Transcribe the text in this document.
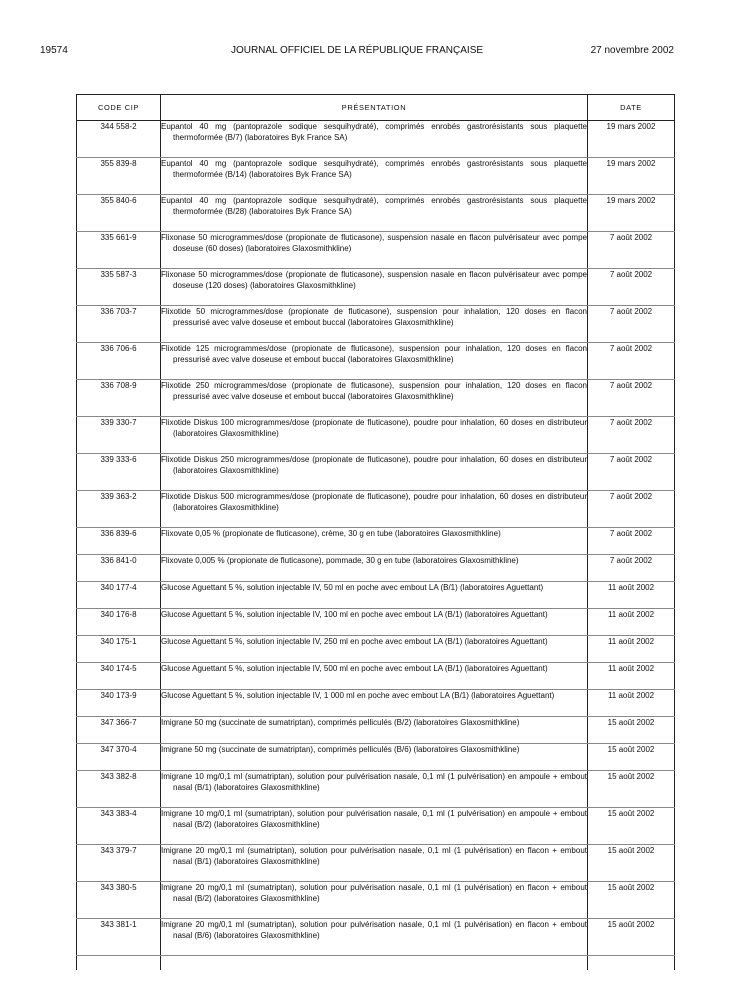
19574	JOURNAL OFFICIEL DE LA RÉPUBLIQUE FRANÇAISE	27 novembre 2002
CODE CIP	PRÉSENTATION	DATE
344 558-2	Eupantol 40 mg (pantoprazole sodique sesquihydraté), comprimés enrobés gastrorésistants sous plaquette thermoformée (B/7) (laboratoires Byk France SA)	19 mars 2002
355 839-8	Eupantol 40 mg (pantoprazole sodique sesquihydraté), comprimés enrobés gastrorésistants sous plaquette thermoformée (B/14) (laboratoires Byk France SA)	19 mars 2002
355 840-6	Eupantol 40 mg (pantoprazole sodique sesquihydraté), comprimés enrobés gastrorésistants sous plaquette thermoformée (B/28) (laboratoires Byk France SA)	19 mars 2002
335 661-9	Flixonase 50 microgrammes/dose (propionate de fluticasone), suspension nasale en flacon pulvérisateur avec pompe doseuse (60 doses) (laboratoires Glaxosmithkline)	7 août 2002
335 587-3	Flixonase 50 microgrammes/dose (propionate de fluticasone), suspension nasale en flacon pulvérisateur avec pompe doseuse (120 doses) (laboratoires Glaxosmithkline)	7 août 2002
336 703-7	Flixotide 50 microgrammes/dose (propionate de fluticasone), suspension pour inhalation, 120 doses en flacon pressurisé avec valve doseuse et embout buccal (laboratoires Glaxosmithkline)	7 août 2002
336 706-6	Flixotide 125 microgrammes/dose (propionate de fluticasone), suspension pour inhalation, 120 doses en flacon pressurisé avec valve doseuse et embout buccal (laboratoires Glaxosmithkline)	7 août 2002
336 708-9	Flixotide 250 microgrammes/dose (propionate de fluticasone), suspension pour inhalation, 120 doses en flacon pressurisé avec valve doseuse et embout buccal (laboratoires Glaxosmithkline)	7 août 2002
339 330-7	Flixotide Diskus 100 microgrammes/dose (propionate de fluticasone), poudre pour inhalation, 60 doses en distributeur (laboratoires Glaxosmithkline)	7 août 2002
339 333-6	Flixotide Diskus 250 microgrammes/dose (propionate de fluticasone), poudre pour inhalation, 60 doses en distributeur (laboratoires Glaxosmithkline)	7 août 2002
339 363-2	Flixotide Diskus 500 microgrammes/dose (propionate de fluticasone), poudre pour inhalation, 60 doses en distributeur (laboratoires Glaxosmithkline)	7 août 2002
336 839-6	Flixovate 0,05 % (propionate de fluticasone), crème, 30 g en tube (laboratoires Glaxosmithkline)	7 août 2002
336 841-0	Flixovate 0,005 % (propionate de fluticasone), pommade, 30 g en tube (laboratoires Glaxosmithkline)	7 août 2002
340 177-4	Glucose Aguettant 5 %, solution injectable IV, 50 ml en poche avec embout LA (B/1) (laboratoires Aguettant)	11 août 2002
340 176-8	Glucose Aguettant 5 %, solution injectable IV, 100 ml en poche avec embout LA (B/1) (laboratoires Aguettant)	11 août 2002
340 175-1	Glucose Aguettant 5 %, solution injectable IV, 250 ml en poche avec embout LA (B/1) (laboratoires Aguettant)	11 août 2002
340 174-5	Glucose Aguettant 5 %, solution injectable IV, 500 ml en poche avec embout LA (B/1) (laboratoires Aguettant)	11 août 2002
340 173-9	Glucose Aguettant 5 %, solution injectable IV, 1 000 ml en poche avec embout LA (B/1) (laboratoires Aguettant)	11 août 2002
347 366-7	Imigrane 50 mg (succinate de sumatriptan), comprimés pelliculés (B/2) (laboratoires Glaxosmithkline)	15 août 2002
347 370-4	Imigrane 50 mg (succinate de sumatriptan), comprimés pelliculés (B/6) (laboratoires Glaxosmithkline)	15 août 2002
343 382-8	Imigrane 10 mg/0,1 ml (sumatriptan), solution pour pulvérisation nasale, 0,1 ml (1 pulvérisation) en ampoule + embout nasal (B/1) (laboratoires Glaxosmithkline)	15 août 2002
343 383-4	Imigrane 10 mg/0,1 ml (sumatriptan), solution pour pulvérisation nasale, 0,1 ml (1 pulvérisation) en ampoule + embout nasal (B/2) (laboratoires Glaxosmithkline)	15 août 2002
343 379-7	Imigrane 20 mg/0,1 ml (sumatriptan), solution pour pulvérisation nasale, 0,1 ml (1 pulvérisation) en flacon + embout nasal (B/1) (laboratoires Glaxosmithkline)	15 août 2002
343 380-5	Imigrane 20 mg/0,1 ml (sumatriptan), solution pour pulvérisation nasale, 0,1 ml (1 pulvérisation) en flacon + embout nasal (B/2) (laboratoires Glaxosmithkline)	15 août 2002
343 381-1	Imigrane 20 mg/0,1 ml (sumatriptan), solution pour pulvérisation nasale, 0,1 ml (1 pulvérisation) en flacon + embout nasal (B/6) (laboratoires Glaxosmithkline)	15 août 2002
